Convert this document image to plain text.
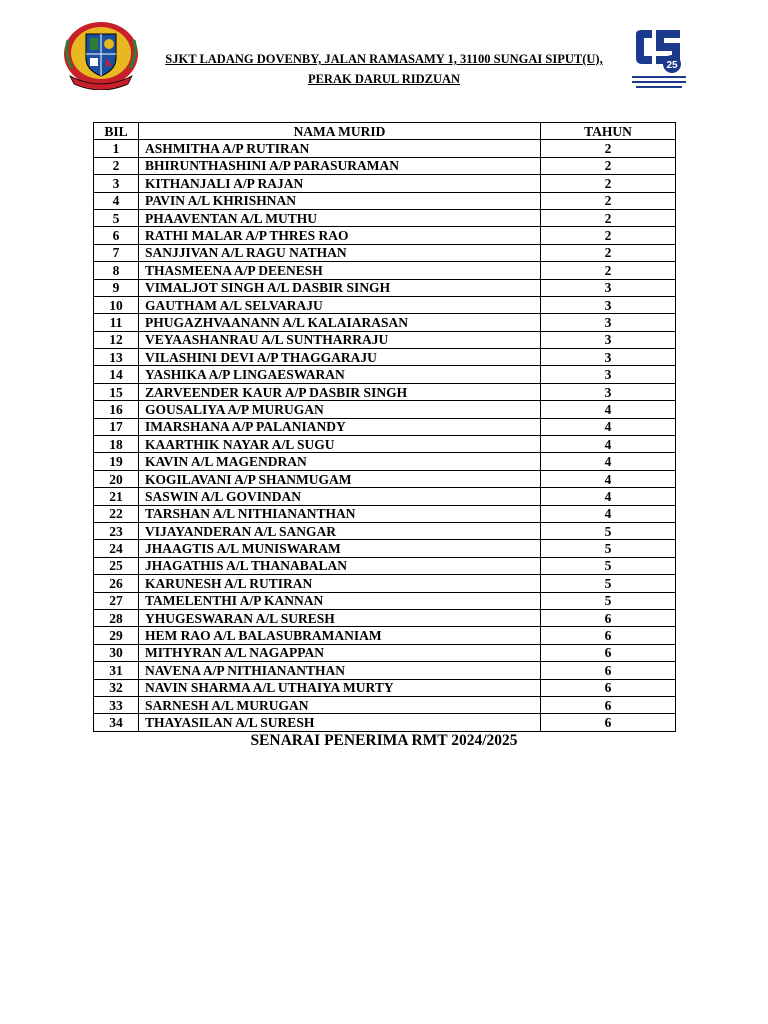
25
SJKT LADANG DOVENBY, JALAN RAMASAMY 1, 31100 SUNGAI SIPUT(U),
PERAK DARUL RIDZUAN
BIL	NAMA MURID	TAHUN
1	ASHMITHA A/P RUTIRAN	2
2	BHIRUNTHASHINI A/P PARASURAMAN	2
3	KITHANJALI A/P RAJAN	2
4	PAVIN A/L KHRISHNAN	2
5	PHAAVENTAN A/L MUTHU	2
6	RATHI MALAR A/P THRES RAO	2
7	SANJJIVAN A/L RAGU NATHAN	2
8	THASMEENA A/P DEENESH	2
9	VIMALJOT SINGH A/L DASBIR SINGH	3
10	GAUTHAM A/L SELVARAJU	3
11	PHUGAZHVAANANN A/L KALAIARASAN	3
12	VEYAASHANRAU A/L SUNTHARRAJU	3
13	VILASHINI DEVI A/P THAGGARAJU	3
14	YASHIKA A/P LINGAESWARAN	3
15	ZARVEENDER KAUR A/P DASBIR SINGH	3
16	GOUSALIYA A/P MURUGAN	4
17	IMARSHANA A/P PALANIANDY	4
18	KAARTHIK NAYAR A/L SUGU	4
19	KAVIN A/L MAGENDRAN	4
20	KOGILAVANI A/P SHANMUGAM	4
21	SASWIN A/L GOVINDAN	4
22	TARSHAN A/L NITHIANANTHAN	4
23	VIJAYANDERAN A/L SANGAR	5
24	JHAAGTIS A/L MUNISWARAM	5
25	JHAGATHIS A/L THANABALAN	5
26	KARUNESH A/L RUTIRAN	5
27	TAMELENTHI A/P KANNAN	5
28	YHUGESWARAN A/L SURESH	6
29	HEM RAO A/L BALASUBRAMANIAM	6
30	MITHYRAN A/L NAGAPPAN	6
31	NAVENA A/P NITHIANANTHAN	6
32	NAVIN SHARMA A/L UTHAIYA MURTY	6
33	SARNESH A/L MURUGAN	6
34	THAYASILAN A/L SURESH	6
SENARAI PENERIMA RMT 2024/2025
